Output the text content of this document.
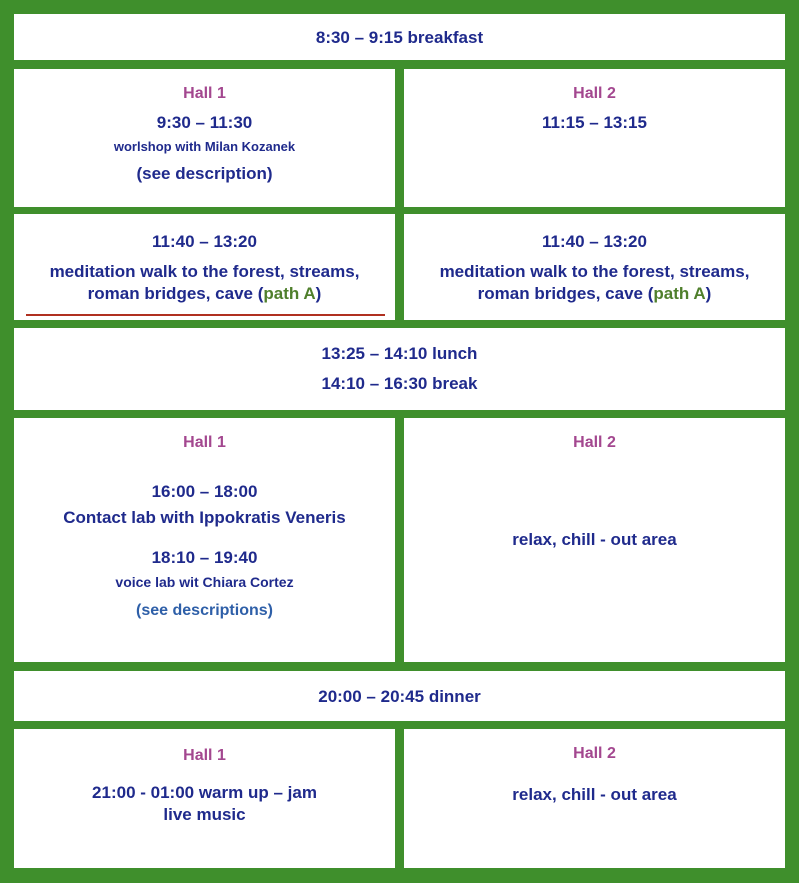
8:30 – 9:15 breakfast
Hall 1
9:30 – 11:30
worlshop with Milan Kozanek
(see description)
Hall 2
11:15 – 13:15
11:40 – 13:20
meditation walk to the forest, streams,
roman bridges, cave (path A)
11:40 – 13:20
meditation walk to the forest, streams,
roman bridges, cave (path A)
13:25 – 14:10 lunch
14:10 – 16:30 break
Hall 1
16:00 – 18:00
Contact lab with Ippokratis Veneris
18:10 – 19:40
voice lab wit Chiara Cortez
(see descriptions)
Hall 2
relax, chill - out area
20:00 – 20:45 dinner
Hall 1
21:00 - 01:00 warm up – jam
live music
Hall 2
relax, chill - out area
